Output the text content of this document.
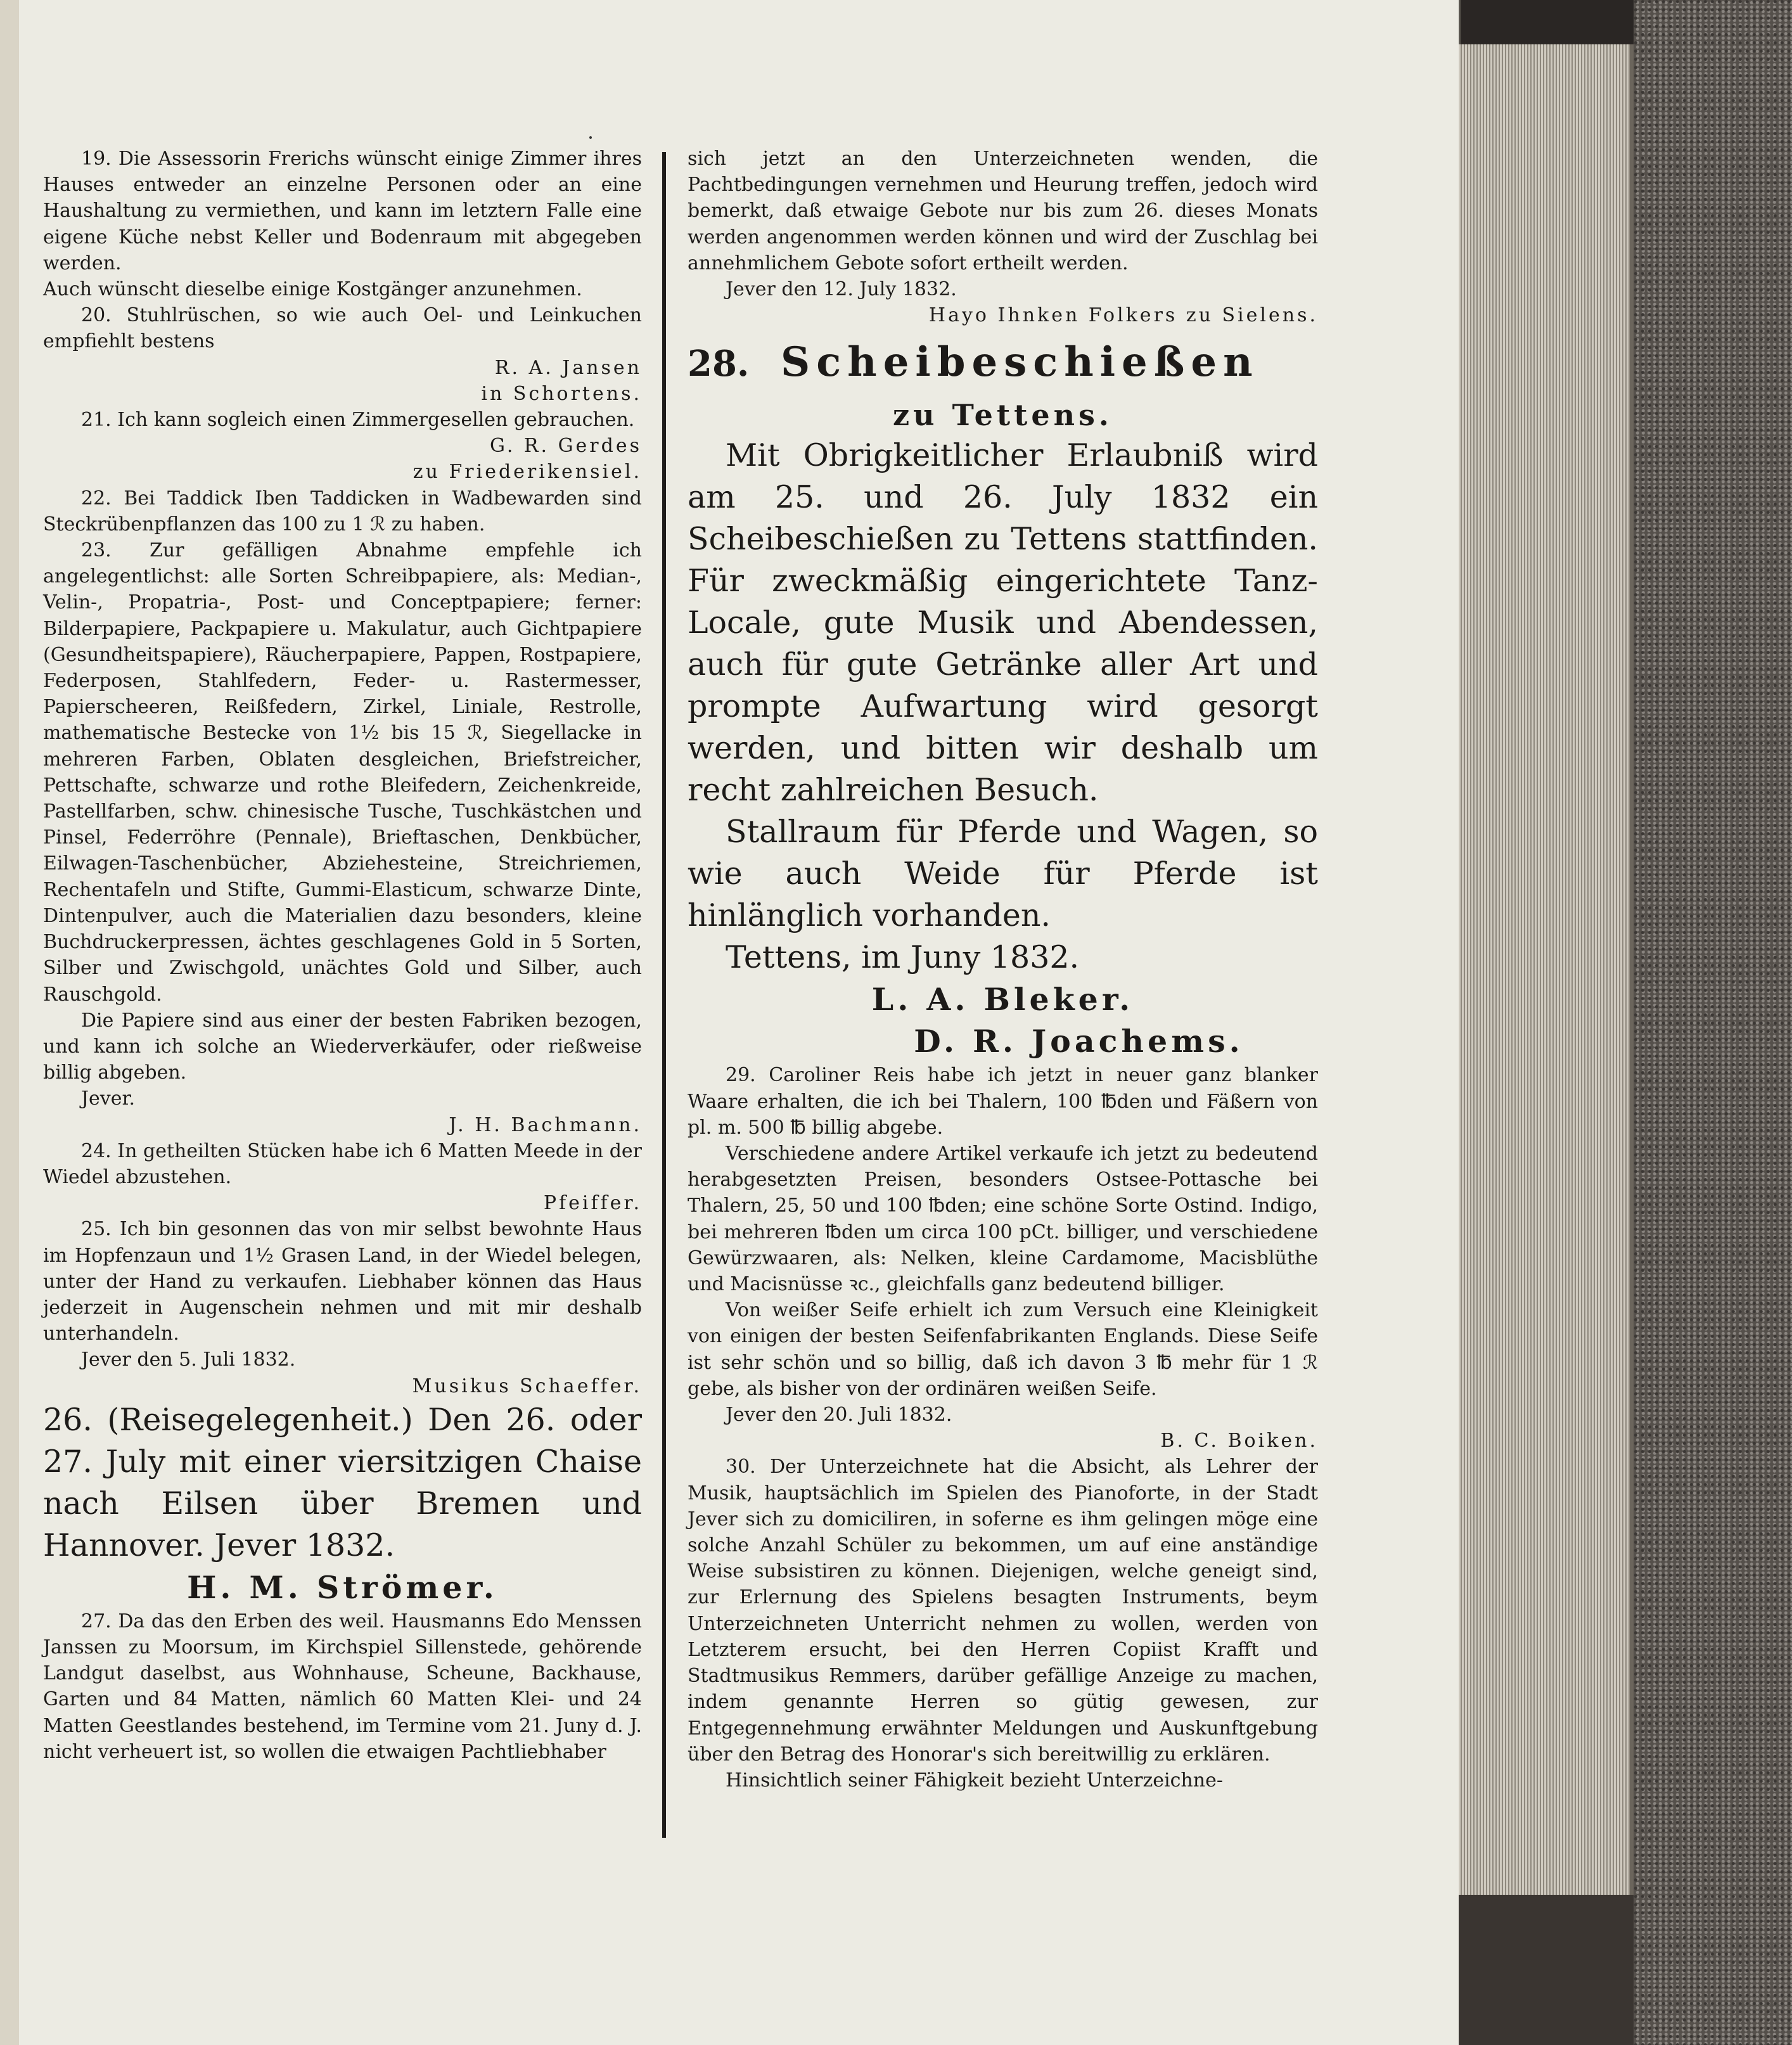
19. Die Assessorin Frerichs wünscht einige Zimmer ihres Hauses entweder an einzelne Personen oder an eine Haushaltung zu vermiethen, und kann im letztern Falle eine eigene Küche nebst Keller und Bodenraum mit abgegeben werden.

Auch wünscht dieselbe einige Kostgänger anzunehmen.

20. Stuhlrüschen, so wie auch Oel- und Leinkuchen empfiehlt bestens

R. A. Jansen

in Schortens.

21. Ich kann sogleich einen Zimmergesellen gebrauchen.

G. R. Gerdes

zu Friederikensiel.

22. Bei Taddick Iben Taddicken in Wadbewarden sind Steckrübenpflanzen das 100 zu 1 ℛ zu haben.

23. Zur gefälligen Abnahme empfehle ich angelegentlichst: alle Sorten Schreibpapiere, als: Median-, Velin-, Propatria-, Post- und Conceptpapiere; ferner: Bilderpapiere, Packpapiere u. Makulatur, auch Gichtpapiere (Gesundheitspapiere), Räucherpapiere, Pappen, Rostpapiere, Federposen, Stahlfedern, Feder- u. Rastermesser, Papierscheeren, Reißfedern, Zirkel, Liniale, Restrolle, mathematische Bestecke von 1½ bis 15 ℛ, Siegellacke in mehreren Farben, Oblaten desgleichen, Briefstreicher, Pettschafte, schwarze und rothe Bleifedern, Zeichenkreide, Pastellfarben, schw. chinesische Tusche, Tuschkästchen und Pinsel, Federröhre (Pennale), Brieftaschen, Denkbücher, Eilwagen-Taschenbücher, Abziehesteine, Streichriemen, Rechentafeln und Stifte, Gummi-Elasticum, schwarze Dinte, Dintenpulver, auch die Materialien dazu besonders, kleine Buchdruckerpressen, ächtes geschlagenes Gold in 5 Sorten, Silber und Zwischgold, unächtes Gold und Silber, auch Rauschgold.

Die Papiere sind aus einer der besten Fabriken bezogen, und kann ich solche an Wiederverkäufer, oder rießweise billig abgeben.

Jever.

J. H. Bachmann.

24. In getheilten Stücken habe ich 6 Matten Meede in der Wiedel abzustehen.

Pfeiffer.

25. Ich bin gesonnen das von mir selbst bewohnte Haus im Hopfenzaun und 1½ Grasen Land, in der Wiedel belegen, unter der Hand zu verkaufen. Liebhaber können das Haus jederzeit in Augenschein nehmen und mit mir deshalb unterhandeln.

Jever den 5. Juli 1832.

Musikus Schaeffer.

26. (Reisegelegenheit.) Den 26. oder 27. July mit einer viersitzigen Chaise nach Eilsen über Bremen und Hannover. Jever 1832.

H. M. Strömer.

27. Da das den Erben des weil. Hausmanns Edo Menssen Janssen zu Moorsum, im Kirchspiel Sillenstede, gehörende Landgut daselbst, aus Wohnhause, Scheune, Backhause, Garten und 84 Matten, nämlich 60 Matten Klei- und 24 Matten Geestlandes bestehend, im Termine vom 21. Juny d. J. nicht verheuert ist, so wollen die etwaigen Pachtliebhaber

sich jetzt an den Unterzeichneten wenden, die Pachtbedingungen vernehmen und Heurung treffen, jedoch wird bemerkt, daß etwaige Gebote nur bis zum 26. dieses Monats werden angenommen werden können und wird der Zuschlag bei annehmlichem Gebote sofort ertheilt werden.

Jever den 12. July 1832.

Hayo Ihnken Folkers zu Sielens.

28. Scheibeschießen

zu Tettens.

Mit Obrigkeitlicher Erlaubniß wird am 25. und 26. July 1832 ein Scheibeschießen zu Tettens stattfinden. Für zweckmäßig eingerichtete Tanz-Locale, gute Musik und Abendessen, auch für gute Getränke aller Art und prompte Aufwartung wird gesorgt werden, und bitten wir deshalb um recht zahlreichen Besuch.

Stallraum für Pferde und Wagen, so wie auch Weide für Pferde ist hinlänglich vorhanden.

Tettens, im Juny 1832.

L. A. Bleker.

D. R. Joachems.

29. Caroliner Reis habe ich jetzt in neuer ganz blanker Waare erhalten, die ich bei Thalern, 100 ℔den und Fäßern von pl. m. 500 ℔ billig abgebe.

Verschiedene andere Artikel verkaufe ich jetzt zu bedeutend herabgesetzten Preisen, besonders Ostsee-Pottasche bei Thalern, 25, 50 und 100 ℔den; eine schöne Sorte Ostind. Indigo, bei mehreren ℔den um circa 100 pCt. billiger, und verschiedene Gewürzwaaren, als: Nelken, kleine Cardamome, Macisblüthe und Macisnüsse ꝛc., gleichfalls ganz bedeutend billiger.

Von weißer Seife erhielt ich zum Versuch eine Kleinigkeit von einigen der besten Seifenfabrikanten Englands. Diese Seife ist sehr schön und so billig, daß ich davon 3 ℔ mehr für 1 ℛ gebe, als bisher von der ordinären weißen Seife.

Jever den 20. Juli 1832.

B. C. Boiken.

30. Der Unterzeichnete hat die Absicht, als Lehrer der Musik, hauptsächlich im Spielen des Pianoforte, in der Stadt Jever sich zu domiciliren, in soferne es ihm gelingen möge eine solche Anzahl Schüler zu bekommen, um auf eine anständige Weise subsistiren zu können. Diejenigen, welche geneigt sind, zur Erlernung des Spielens besagten Instruments, beym Unterzeichneten Unterricht nehmen zu wollen, werden von Letzterem ersucht, bei den Herren Copiist Krafft und Stadtmusikus Remmers, darüber gefällige Anzeige zu machen, indem genannte Herren so gütig gewesen, zur Entgegennehmung erwähnter Meldungen und Auskunftgebung über den Betrag des Honorar's sich bereitwillig zu erklären.

Hinsichtlich seiner Fähigkeit bezieht Unterzeichne-
